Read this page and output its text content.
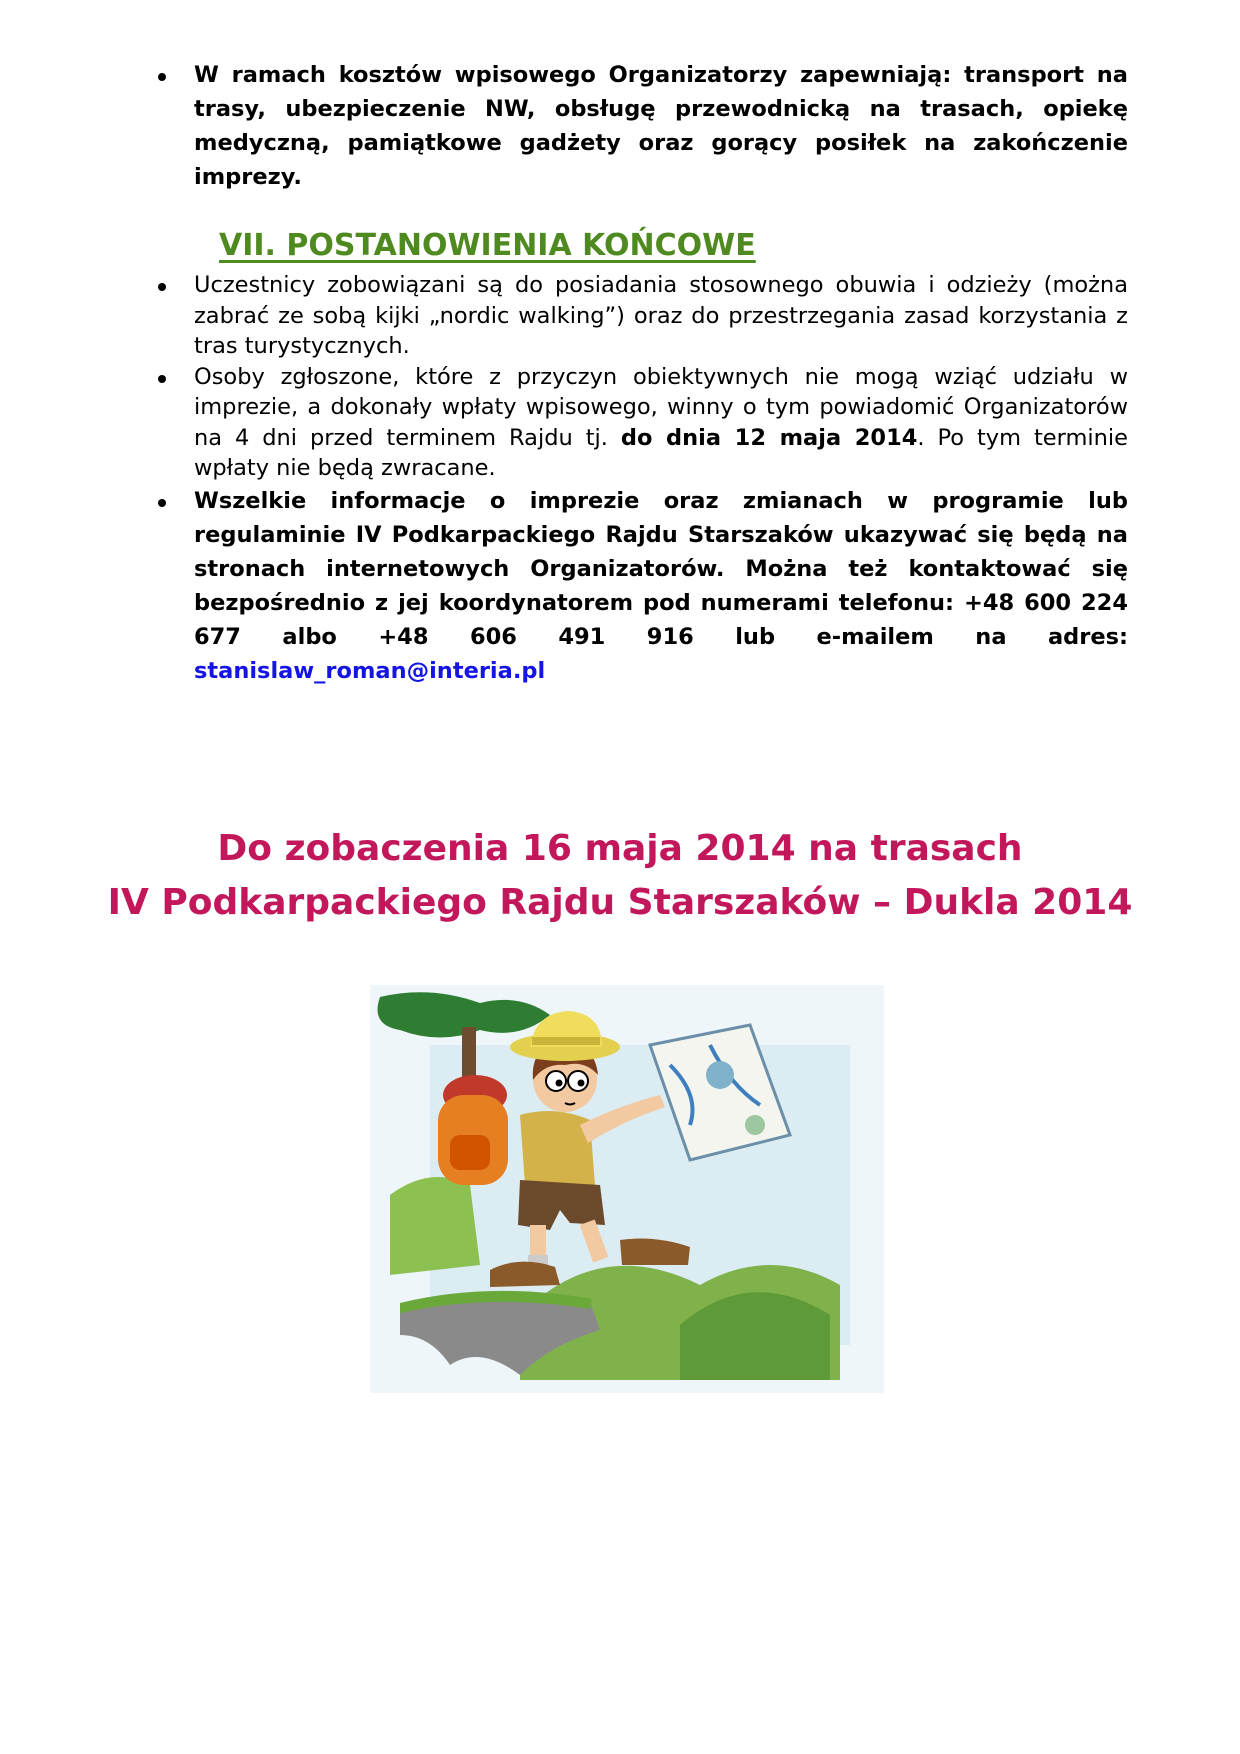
W ramach kosztów wpisowego Organizatorzy zapewniają: transport na trasy, ubezpieczenie NW, obsługę przewodnicką na trasach, opiekę medyczną, pamiątkowe gadżety oraz gorący posiłek na zakończenie imprezy.
VII. POSTANOWIENIA KOŃCOWE
Uczestnicy zobowiązani są do posiadania stosownego obuwia i odzieży (można zabrać ze sobą kijki „nordic walking”) oraz do przestrzegania zasad korzystania z tras turystycznych.
Osoby zgłoszone, które z przyczyn obiektywnych nie mogą wziąć udziału w imprezie, a dokonały wpłaty wpisowego, winny o tym powiadomić Organizatorów na 4 dni przed terminem Rajdu tj. do dnia 12 maja 2014. Po tym terminie wpłaty nie będą zwracane.
Wszelkie informacje o imprezie oraz zmianach w programie lub regulaminie IV Podkarpackiego Rajdu Starszaków ukazywać się będą na stronach internetowych Organizatorów. Można też kontaktować się bezpośrednio z jej koordynatorem pod numerami telefonu: +48 600 224 677 albo +48 606 491 916 lub e-mailem na adres: stanislaw_roman@interia.pl
Do zobaczenia 16 maja 2014 na trasach
IV Podkarpackiego Rajdu Starszaków – Dukla 2014
